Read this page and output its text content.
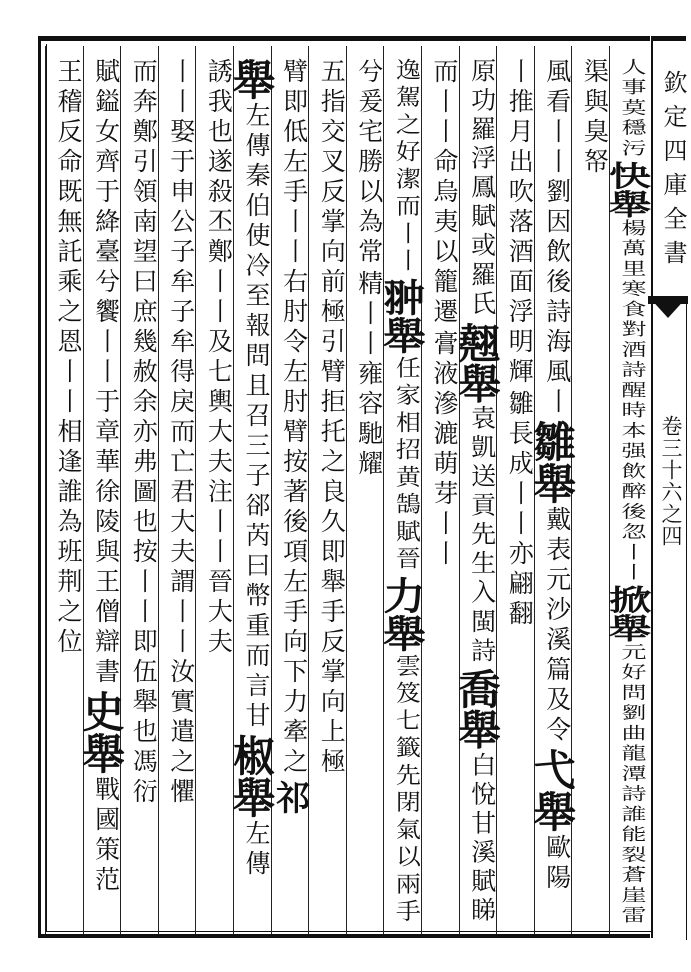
欽定四庫全書
卷三十六之四
人事莫穩污
快舉
楊萬里寒食對酒詩醒時本强飲醉後忽丨丨
掀舉
元好問劉曲龍潭詩誰能裂蒼崖雷
渠與臭帑
風看丨丨劉因飲後詩海風丨
雛舉
戴表元沙溪篇及令
弋舉
歐陽
丨推月出吹落酒面浮明輝
雛長成丨丨亦翩翻
原功羅浮鳳賦或羅氏
翹舉
袁凱送貢先生入閩詩
喬舉
白悅甘溪賦睇
而丨丨命烏夷以籠遷
膏液滲漉萌芽丨丨
逸駕之好潔而丨丨
翀舉
任家相招黄鵠賦晉
力舉
雲笈七籤先閉氣以兩手
兮爰宅勝以為常
精丨丨雍容馳耀
五指交叉反掌向前極引臂拒托之良久即舉手反掌向上極
臂即低左手丨丨右肘令左肘臂按著後項左手向下力牽之
祁
舉
左傳秦伯使冷至報問且召三子郤芮曰幣重而言甘
椒舉
左傳
誘我也遂殺丕鄭丨丨及七輿大夫注丨丨晉大夫
丨丨娶于申公子牟子牟得戾而亡君大夫謂丨丨汝實遣之懼
而奔鄭引領南望曰庶幾赦余亦弗圖也按丨丨即伍舉也馮衍
賦鎰女齊于絳臺兮饗丨丨于章華徐陵與王僧辯書
史舉
戰國策范
王稽反命既無託乘之恩丨丨相逢誰為班荆之位
